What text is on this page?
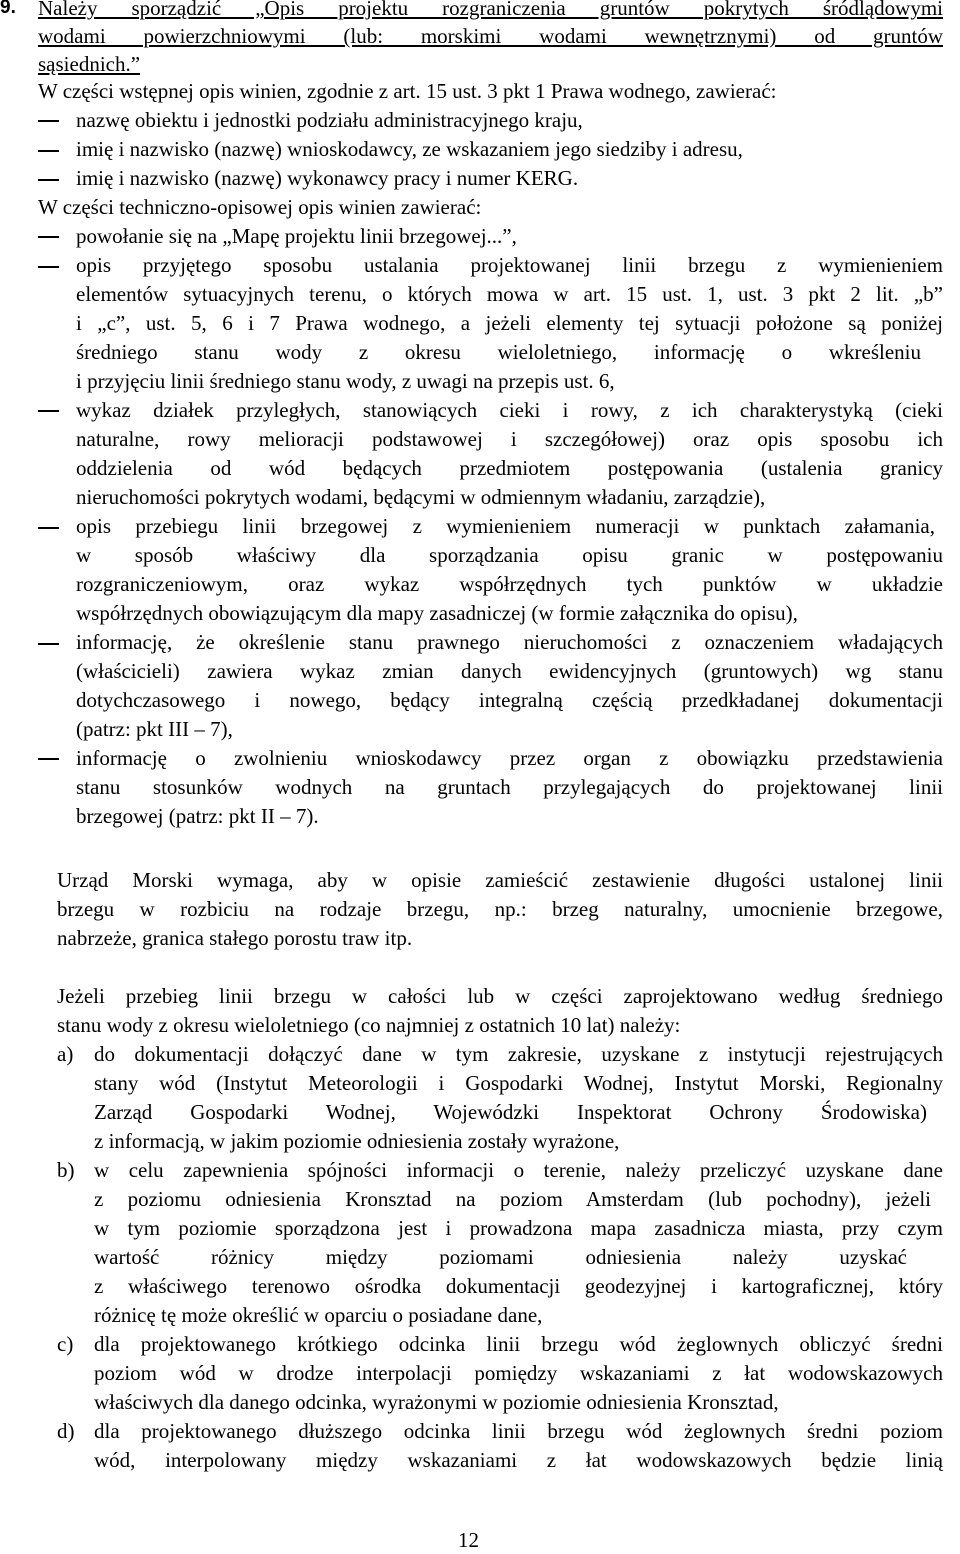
9. Należy sporządzić „Opis projektu rozgraniczenia gruntów pokrytych śródlądowymi
wodami powierzchniowymi (lub: morskimi wodami wewnętrznymi) od gruntów
sąsiednich.”
W części wstępnej opis winien, zgodnie z art. 15 ust. 3 pkt 1 Prawa wodnego, zawierać:
nazwę obiektu i jednostki podziału administracyjnego kraju,
imię i nazwisko (nazwę) wnioskodawcy, ze wskazaniem jego siedziby i adresu,
imię i nazwisko (nazwę) wykonawcy pracy i numer KERG.
W części techniczno-opisowej opis winien zawierać:
powołanie się na „Mapę projektu linii brzegowej...”,
opis przyjętego sposobu ustalania projektowanej linii brzegu z wymienieniem
elementów sytuacyjnych terenu, o których mowa w art. 15 ust. 1, ust. 3 pkt 2 lit. „b”
i „c”, ust. 5, 6 i 7 Prawa wodnego, a jeżeli elementy tej sytuacji położone są poniżej
średniego stanu wody z okresu wieloletniego, informację o wkreśleniu
i przyjęciu linii średniego stanu wody, z uwagi na przepis ust. 6,
wykaz działek przyległych, stanowiących cieki i rowy, z ich charakterystyką (cieki
naturalne, rowy melioracji podstawowej i szczegółowej) oraz opis sposobu ich
oddzielenia od wód będących przedmiotem postępowania (ustalenia granicy
nieruchomości pokrytych wodami, będącymi w odmiennym władaniu, zarządzie),
opis przebiegu linii brzegowej z wymienieniem numeracji w punktach załamania,
w sposób właściwy dla sporządzania opisu granic w postępowaniu
rozgraniczeniowym, oraz wykaz współrzędnych tych punktów w układzie
współrzędnych obowiązującym dla mapy zasadniczej (w formie załącznika do opisu),
informację, że określenie stanu prawnego nieruchomości z oznaczeniem władających
(właścicieli) zawiera wykaz zmian danych ewidencyjnych (gruntowych) wg stanu
dotychczasowego i nowego, będący integralną częścią przedkładanej dokumentacji
(patrz: pkt III – 7),
informację o zwolnieniu wnioskodawcy przez organ z obowiązku przedstawienia
stanu stosunków wodnych na gruntach przylegających do projektowanej linii
brzegowej (patrz: pkt II – 7).
Urząd Morski wymaga, aby w opisie zamieścić zestawienie długości ustalonej linii
brzegu w rozbiciu na rodzaje brzegu, np.: brzeg naturalny, umocnienie brzegowe,
nabrzeże, granica stałego porostu traw itp.
Jeżeli przebieg linii brzegu w całości lub w części zaprojektowano według średniego
stanu wody z okresu wieloletniego (co najmniej z ostatnich 10 lat) należy:
a) do dokumentacji dołączyć dane w tym zakresie, uzyskane z instytucji rejestrujących
stany wód (Instytut Meteorologii i Gospodarki Wodnej, Instytut Morski, Regionalny
Zarząd Gospodarki Wodnej, Wojewódzki Inspektorat Ochrony Środowiska)
z informacją, w jakim poziomie odniesienia zostały wyrażone,
b) w celu zapewnienia spójności informacji o terenie, należy przeliczyć uzyskane dane
z poziomu odniesienia Kronsztad na poziom Amsterdam (lub pochodny), jeżeli
w tym poziomie sporządzona jest i prowadzona mapa zasadnicza miasta, przy czym
wartość różnicy między poziomami odniesienia należy uzyskać
z właściwego terenowo ośrodka dokumentacji geodezyjnej i kartograficznej, który
różnicę tę może określić w oparciu o posiadane dane,
c) dla projektowanego krótkiego odcinka linii brzegu wód żeglownych obliczyć średni
poziom wód w drodze interpolacji pomiędzy wskazaniami z łat wodowskazowych
właściwych dla danego odcinka, wyrażonymi w poziomie odniesienia Kronsztad,
d) dla projektowanego dłuższego odcinka linii brzegu wód żeglownych średni poziom
wód, interpolowany między wskazaniami z łat wodowskazowych będzie linią
12
